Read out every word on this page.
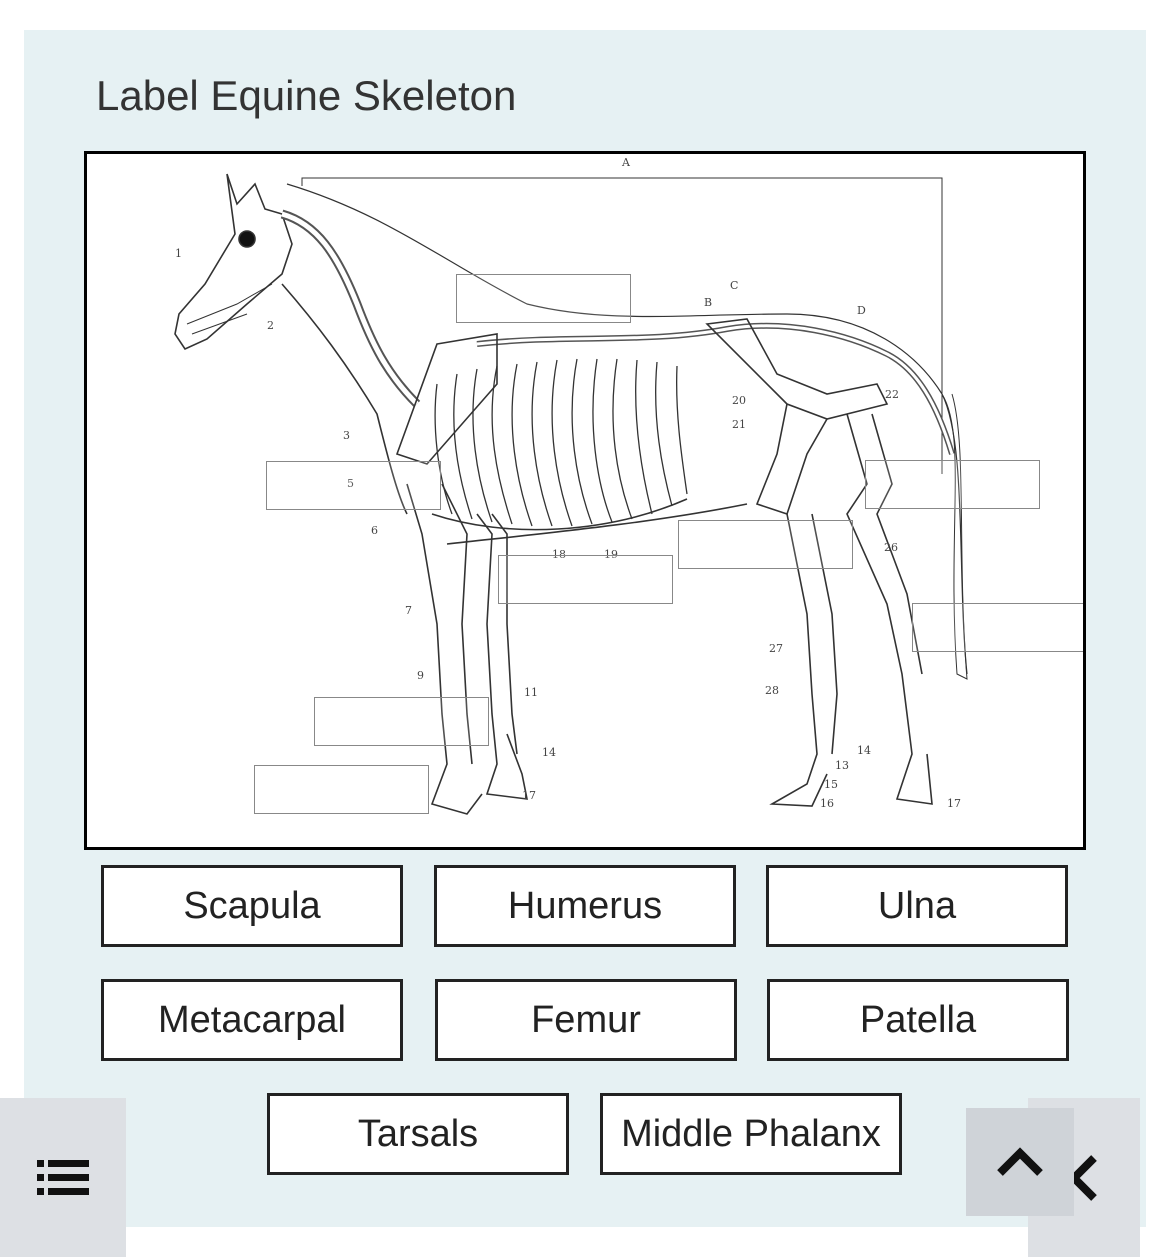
Label Equine Skeleton
A
B
C
D
1
2
3
5
6
7
9
11
14
17
18	19
20
21
22
26
27
28
14
13
15
16	17
Scapula	Humerus	Ulna
Metacarpal	Femur	Patella
Tarsals	Middle Phalanx
